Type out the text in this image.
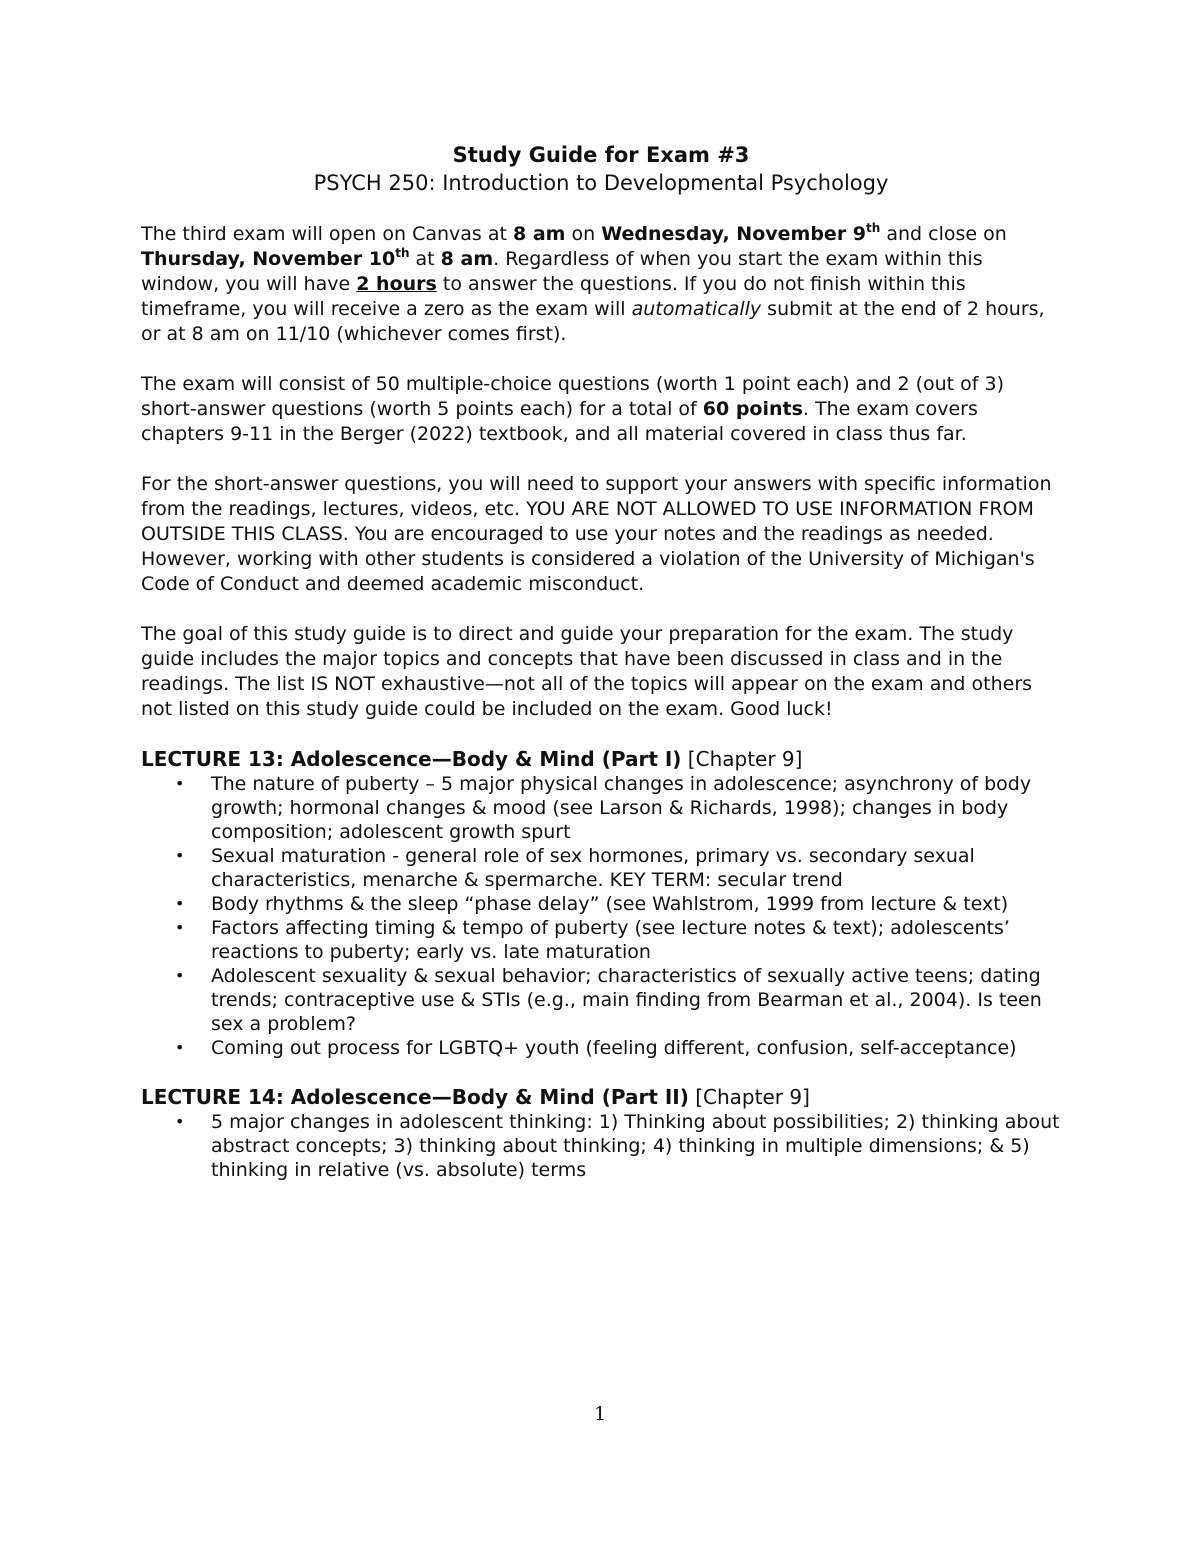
Study Guide for Exam #3

PSYCH 250: Introduction to Developmental Psychology

The third exam will open on Canvas at 8 am on Wednesday, November 9th and close on Thursday, November 10th at 8 am. Regardless of when you start the exam within this window, you will have 2 hours to answer the questions. If you do not finish within this timeframe, you will receive a zero as the exam will automatically submit at the end of 2 hours, or at 8 am on 11/10 (whichever comes first).

The exam will consist of 50 multiple-choice questions (worth 1 point each) and 2 (out of 3) short-answer questions (worth 5 points each) for a total of 60 points. The exam covers chapters 9-11 in the Berger (2022) textbook, and all material covered in class thus far.

For the short-answer questions, you will need to support your answers with specific information from the readings, lectures, videos, etc. YOU ARE NOT ALLOWED TO USE INFORMATION FROM OUTSIDE THIS CLASS. You are encouraged to use your notes and the readings as needed. However, working with other students is considered a violation of the University of Michigan's Code of Conduct and deemed academic misconduct.

The goal of this study guide is to direct and guide your preparation for the exam. The study guide includes the major topics and concepts that have been discussed in class and in the readings. The list IS NOT exhaustive—not all of the topics will appear on the exam and others not listed on this study guide could be included on the exam. Good luck!

LECTURE 13: Adolescence—Body & Mind (Part I) [Chapter 9]

• The nature of puberty – 5 major physical changes in adolescence; asynchrony of body growth; hormonal changes & mood (see Larson & Richards, 1998); changes in body composition; adolescent growth spurt
• Sexual maturation - general role of sex hormones, primary vs. secondary sexual characteristics, menarche & spermarche. KEY TERM: secular trend
• Body rhythms & the sleep “phase delay” (see Wahlstrom, 1999 from lecture & text)
• Factors affecting timing & tempo of puberty (see lecture notes & text); adolescents’ reactions to puberty; early vs. late maturation
• Adolescent sexuality & sexual behavior; characteristics of sexually active teens; dating trends; contraceptive use & STIs (e.g., main finding from Bearman et al., 2004). Is teen sex a problem?
• Coming out process for LGBTQ+ youth (feeling different, confusion, self-acceptance)

LECTURE 14: Adolescence—Body & Mind (Part II) [Chapter 9]

• 5 major changes in adolescent thinking: 1) Thinking about possibilities; 2) thinking about abstract concepts; 3) thinking about thinking; 4) thinking in multiple dimensions; & 5) thinking in relative (vs. absolute) terms
1
